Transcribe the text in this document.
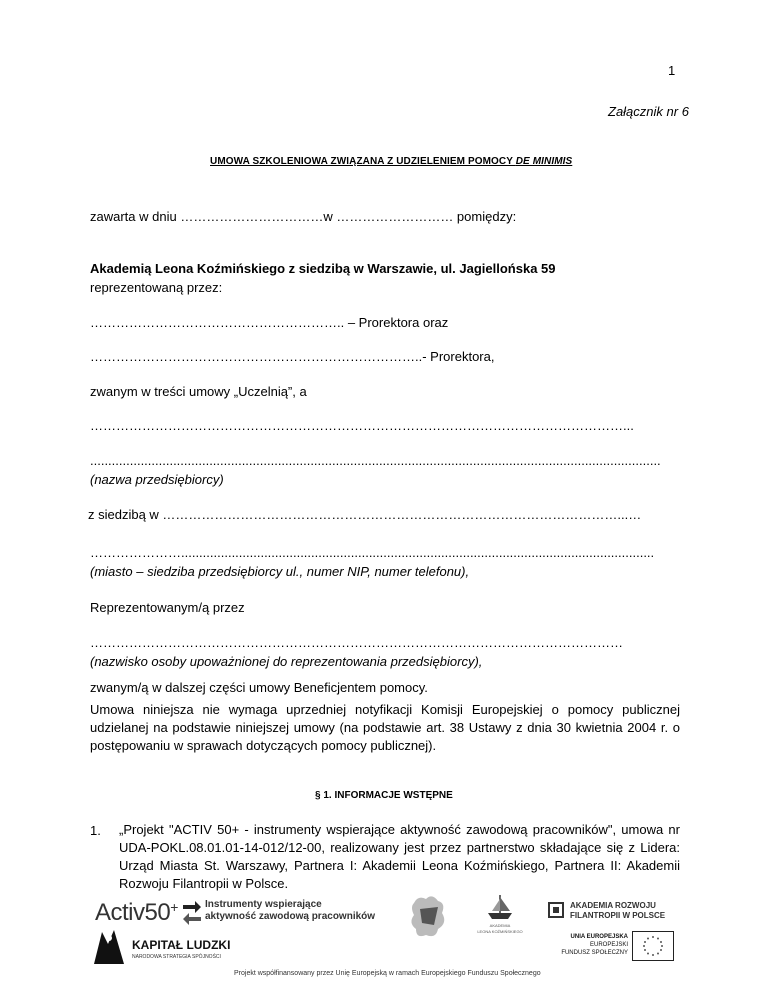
1
Załącznik nr 6
UMOWA SZKOLENIOWA ZWIĄZANA Z UDZIELENIEM POMOCY DE MINIMIS
zawarta w dniu ……………………………w ……………………… pomiędzy:
Akademią Leona Koźmińskiego z siedzibą w Warszawie, ul. Jagiellońska 59
reprezentowaną przez:
………………………………………………….. – Prorektora oraz
…………………………………………………………………..- Prorektora,
zwanym w treści umowy „Uczelnią”, a
……………………………………………………………………………………………………………...
..............................................................................................................................................................
(nazwa przedsiębiorcy)
z siedzibą w ……………………………………………………………………………………………...…
…………………...................................................................................................................................
(miasto – siedziba przedsiębiorcy ul., numer NIP, numer telefonu),
Reprezentowanym/ą przez
……………………………………………………………………………………………………………
(nazwisko osoby upoważnionej do reprezentowania przedsiębiorcy),
zwanym/ą w dalszej części umowy Beneficjentem pomocy.
Umowa niniejsza nie wymaga uprzedniej notyfikacji Komisji Europejskiej o pomocy publicznej udzielanej na podstawie niniejszej umowy (na podstawie art. 38 Ustawy z dnia 30 kwietnia 2004 r. o postępowaniu w sprawach dotyczących pomocy publicznej).
§ 1. INFORMACJE WSTĘPNE
1. „Projekt "ACTIV 50+ - instrumenty wspierające aktywność zawodową pracowników", umowa nr UDA-POKL.08.01.01-14-012/12-00, realizowany jest przez partnerstwo składające się z Lidera: Urząd Miasta St. Warszawy, Partnera I: Akademii Leona Koźmińskiego, Partnera II: Akademii Rozwoju Filantropii w Polsce.
Activ50+	Instrumenty wspierające
aktywność zawodową pracowników
AKADEMIA
LEONA KOŹMIŃSKIEGO
AKADEMIA ROZWOJU
FILANTROPII W POLSCE
KAPITAŁ LUDZKI
NARODOWA STRATEGIA SPÓJNOŚCI
UNIA EUROPEJSKA
EUROPEJSKI
FUNDUSZ SPOŁECZNY
Projekt współfinansowany przez Unię Europejską w ramach Europejskiego Funduszu Społecznego
